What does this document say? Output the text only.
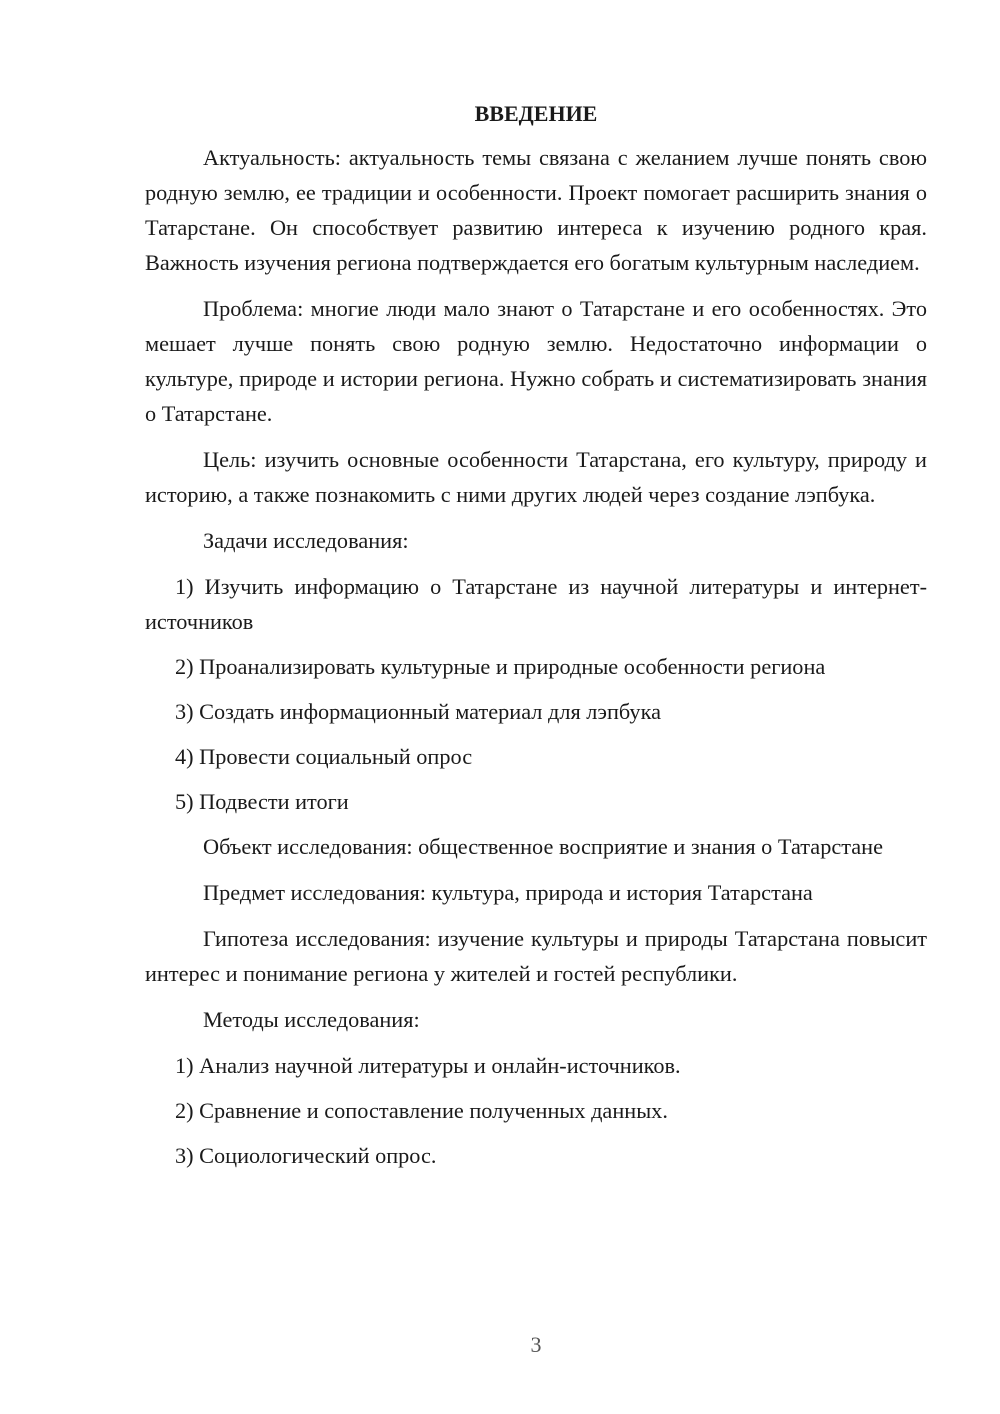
ВВЕДЕНИЕ

Актуальность: актуальность темы связана с желанием лучше понять свою родную землю, ее традиции и особенности. Проект помогает расширить знания о Татарстане. Он способствует развитию интереса к изучению родного края. Важность изучения региона подтверждается его богатым культурным наследием.

Проблема: многие люди мало знают о Татарстане и его особенностях. Это мешает лучше понять свою родную землю. Недостаточно информации о культуре, природе и истории региона. Нужно собрать и систематизировать знания о Татарстане.

Цель: изучить основные особенности Татарстана, его культуру, природу и историю, а также познакомить с ними других людей через создание лэпбука.

Задачи исследования:

1) Изучить информацию о Татарстане из научной литературы и интернет-источников

2) Проанализировать культурные и природные особенности региона

3) Создать информационный материал для лэпбука

4) Провести социальный опрос

5) Подвести итоги

Объект исследования: общественное восприятие и знания о Татарстане

Предмет исследования: культура, природа и история Татарстана

Гипотеза исследования: изучение культуры и природы Татарстана повысит интерес и понимание региона у жителей и гостей республики.

Методы исследования:

1) Анализ научной литературы и онлайн-источников.

2) Сравнение и сопоставление полученных данных.

3) Социологический опрос.

3
